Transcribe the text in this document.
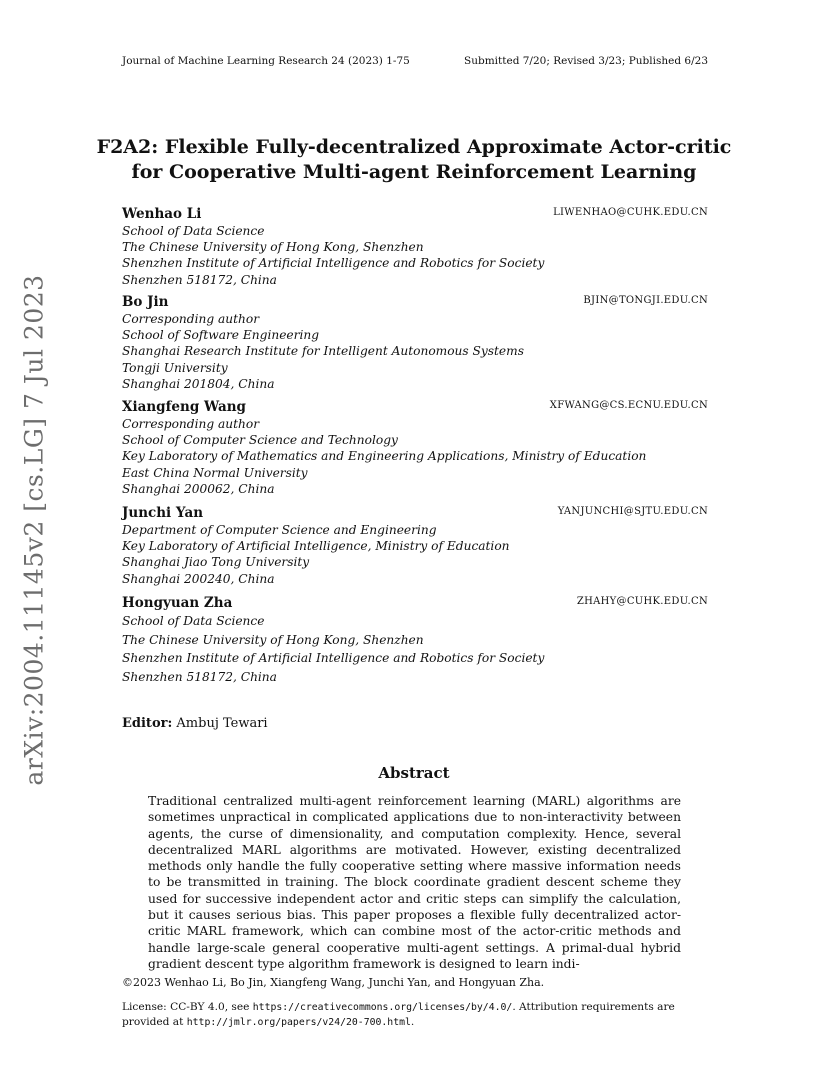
Journal of Machine Learning Research 24 (2023) 1-75	Submitted 7/20; Revised 3/23; Published 6/23
F2A2: Flexible Fully-decentralized Approximate Actor-critic
for Cooperative Multi-agent Reinforcement Learning
Wenhao Li	LIWENHAO@CUHK.EDU.CN
School of Data Science
The Chinese University of Hong Kong, Shenzhen
Shenzhen Institute of Artificial Intelligence and Robotics for Society
Shenzhen 518172, China
Bo Jin	BJIN@TONGJI.EDU.CN
Corresponding author
School of Software Engineering
Shanghai Research Institute for Intelligent Autonomous Systems
Tongji University
Shanghai 201804, China
Xiangfeng Wang	XFWANG@CS.ECNU.EDU.CN
Corresponding author
School of Computer Science and Technology
Key Laboratory of Mathematics and Engineering Applications, Ministry of Education
East China Normal University
Shanghai 200062, China
Junchi Yan	YANJUNCHI@SJTU.EDU.CN
Department of Computer Science and Engineering
Key Laboratory of Artificial Intelligence, Ministry of Education
Shanghai Jiao Tong University
Shanghai 200240, China
Hongyuan Zha	ZHAHY@CUHK.EDU.CN
School of Data Science
The Chinese University of Hong Kong, Shenzhen
Shenzhen Institute of Artificial Intelligence and Robotics for Society
Shenzhen 518172, China
Editor: Ambuj Tewari
Abstract
Traditional centralized multi-agent reinforcement learning (MARL) algorithms are sometimes unpractical in complicated applications due to non-interactivity between agents, the curse of dimensionality, and computation complexity. Hence, several decentralized MARL algorithms are motivated. However, existing decentralized methods only handle the fully cooperative setting where massive information needs to be transmitted in training. The block coordinate gradient descent scheme they used for successive independent actor and critic steps can simplify the calculation, but it causes serious bias. This paper proposes a flexible fully decentralized actor-critic MARL framework, which can combine most of the actor-critic methods and handle large-scale general cooperative multi-agent settings. A primal-dual hybrid gradient descent type algorithm framework is designed to learn indi-
arXiv:2004.11145v2 [cs.LG] 7 Jul 2023
©2023 Wenhao Li, Bo Jin, Xiangfeng Wang, Junchi Yan, and Hongyuan Zha.
License: CC-BY 4.0, see https://creativecommons.org/licenses/by/4.0/. Attribution requirements are provided at http://jmlr.org/papers/v24/20-700.html.
